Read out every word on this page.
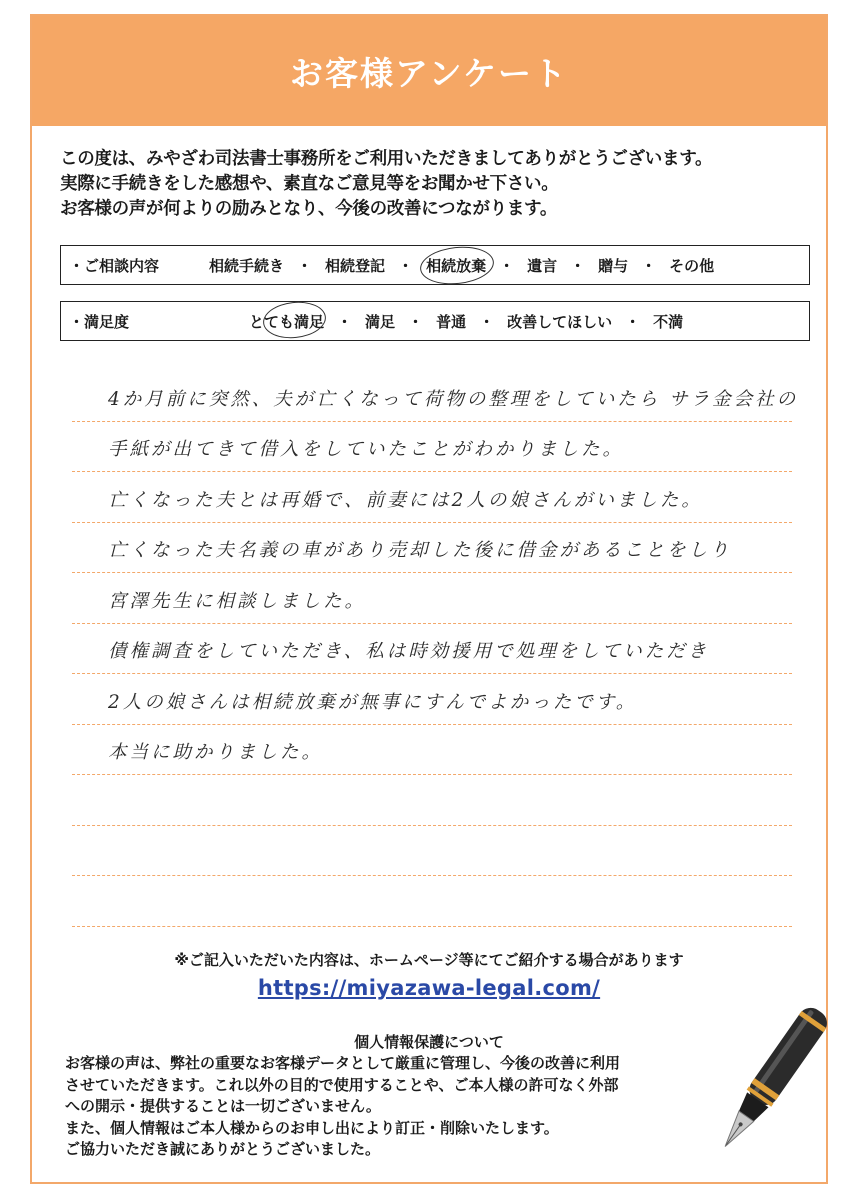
お客様アンケート
この度は、みやざわ司法書士事務所をご利用いただきましてありがとうございます。
実際に手続きをした感想や、素直なご意見等をお聞かせ下さい。
お客様の声が何よりの励みとなり、今後の改善につながります。
・ご相談内容	相続手続き ・ 相続登記 ・ 相続放棄 ・ 遺言 ・ 贈与 ・ その他
・満足度	とても満足 ・ 満足 ・ 普通 ・ 改善してほしい ・ 不満
4か月前に突然、夫が亡くなって荷物の整理をしていたら サラ金会社の
手紙が出てきて借入をしていたことがわかりました。
亡くなった夫とは再婚で、前妻には2人の娘さんがいました。
亡くなった夫名義の車があり売却した後に借金があることをしり
宮澤先生に相談しました。
債権調査をしていただき、私は時効援用で処理をしていただき
2人の娘さんは相続放棄が無事にすんでよかったです。
本当に助かりました。
※ご記入いただいた内容は、ホームページ等にてご紹介する場合があります
https://miyazawa-legal.com/
個人情報保護について
お客様の声は、弊社の重要なお客様データとして厳重に管理し、今後の改善に利用
させていただきます。これ以外の目的で使用することや、ご本人様の許可なく外部
への開示・提供することは一切ございません。
また、個人情報はご本人様からのお申し出により訂正・削除いたします。
ご協力いただき誠にありがとうございました。
